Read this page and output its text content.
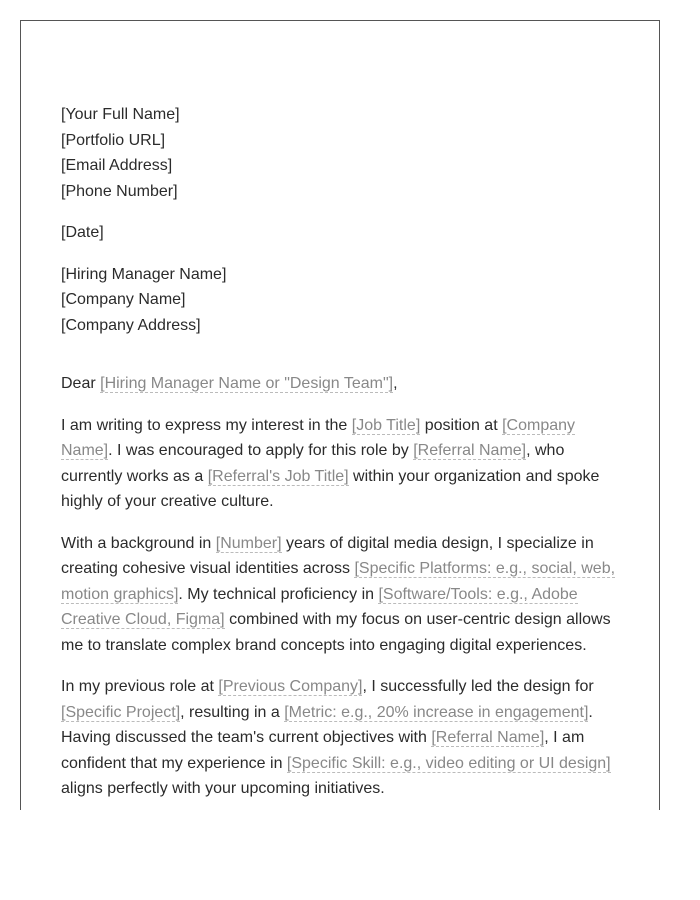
[Your Full Name]
[Portfolio URL]
[Email Address]
[Phone Number]
[Date]
[Hiring Manager Name]
[Company Name]
[Company Address]

Dear [Hiring Manager Name or "Design Team"],

I am writing to express my interest in the [Job Title] position at [Company Name]. I was encouraged to apply for this role by [Referral Name], who currently works as a [Referral's Job Title] within your organization and spoke highly of your creative culture.

With a background in [Number] years of digital media design, I specialize in creating cohesive visual identities across [Specific Platforms: e.g., social, web, motion graphics]. My technical proficiency in [Software/Tools: e.g., Adobe Creative Cloud, Figma] combined with my focus on user-centric design allows me to translate complex brand concepts into engaging digital experiences.

In my previous role at [Previous Company], I successfully led the design for [Specific Project], resulting in a [Metric: e.g., 20% increase in engagement]. Having discussed the team's current objectives with [Referral Name], I am confident that my experience in [Specific Skill: e.g., video editing or UI design] aligns perfectly with your upcoming initiatives.
